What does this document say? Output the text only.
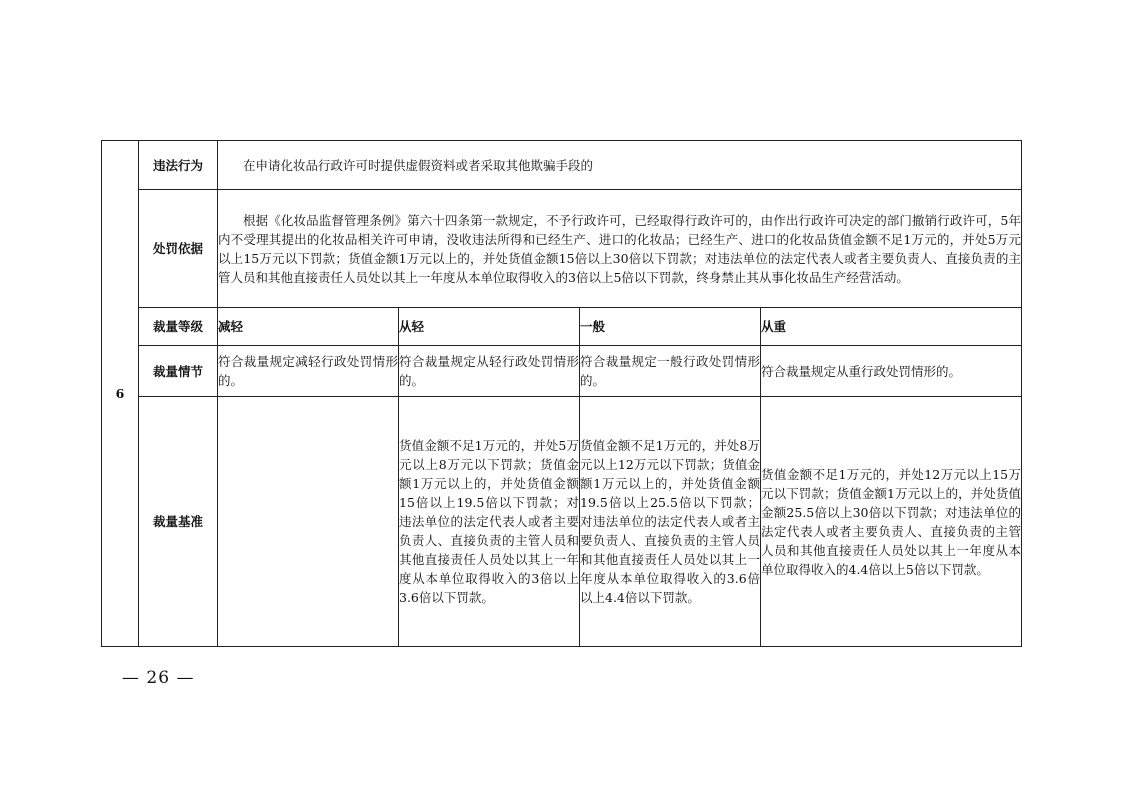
6	违法行为	在申请化妆品行政许可时提供虚假资料或者采取其他欺骗手段的			
	处罚依据	根据《化妆品监督管理条例》第六十四条第一款规定，不予行政许可，已经取得行政许可的，由作出行政许可决定的部门撤销行政许可，5年内不受理其提出的化妆品相关许可申请，没收违法所得和已经生产、进口的化妆品；已经生产、进口的化妆品货值金额不足1万元的，并处5万元以上15万元以下罚款；货值金额1万元以上的，并处货值金额15倍以上30倍以下罚款；对违法单位的法定代表人或者主要负责人、直接负责的主管人员和其他直接责任人员处以其上一年度从本单位取得收入的3倍以上5倍以下罚款，终身禁止其从事化妆品生产经营活动。			
	裁量等级	减轻	从轻	一般	从重
	裁量情节	符合裁量规定减轻行政处罚情形的。	符合裁量规定从轻行政处罚情形的。	符合裁量规定一般行政处罚情形的。	符合裁量规定从重行政处罚情形的。
	裁量基准		货值金额不足1万元的，并处5万元以上8万元以下罚款；货值金额1万元以上的，并处货值金额15倍以上19.5倍以下罚款；对违法单位的法定代表人或者主要负责人、直接负责的主管人员和其他直接责任人员处以其上一年度从本单位取得收入的3倍以上3.6倍以下罚款。	货值金额不足1万元的，并处8万元以上12万元以下罚款；货值金额1万元以上的，并处货值金额19.5倍以上25.5倍以下罚款；对违法单位的法定代表人或者主要负责人、直接负责的主管人员和其他直接责任人员处以其上一年度从本单位取得收入的3.6倍以上4.4倍以下罚款。	货值金额不足1万元的，并处12万元以上15万元以下罚款；货值金额1万元以上的，并处货值金额25.5倍以上30倍以下罚款；对违法单位的法定代表人或者主要负责人、直接负责的主管人员和其他直接责任人员处以其上一年度从本单位取得收入的4.4倍以上5倍以下罚款。
— 26 —
